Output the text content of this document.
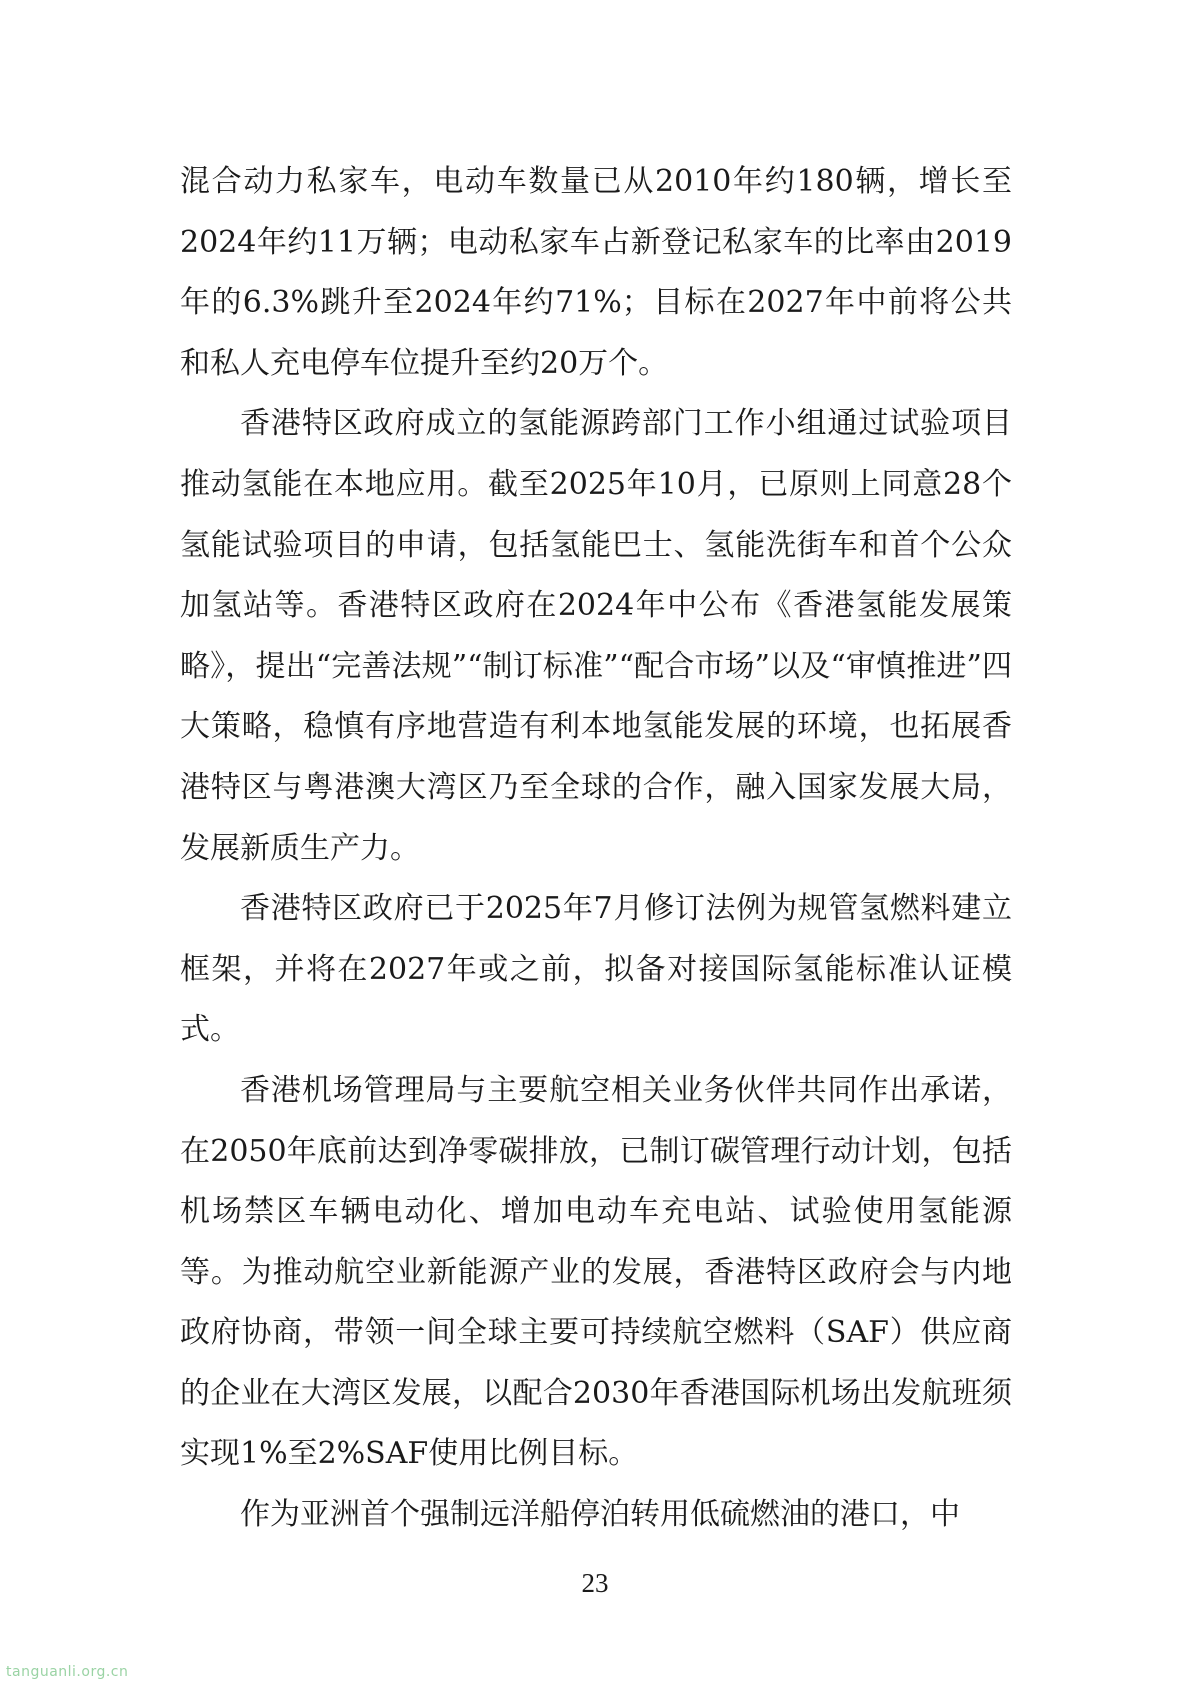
混合动力私家车，电动车数量已从2010年约180辆，增长至2024年约11万辆；电动私家车占新登记私家车的比率由2019年的6.3%跳升至2024年约71%；目标在2027年中前将公共和私人充电停车位提升至约20万个。

香港特区政府成立的氢能源跨部门工作小组通过试验项目推动氢能在本地应用。截至2025年10月，已原则上同意28个氢能试验项目的申请，包括氢能巴士、氢能洗街车和首个公众加氢站等。香港特区政府在2024年中公布《香港氢能发展策略》，提出“完善法规”“制订标准”“配合市场”以及“审慎推进”四大策略，稳慎有序地营造有利本地氢能发展的环境，也拓展香港特区与粤港澳大湾区乃至全球的合作，融入国家发展大局，发展新质生产力。

香港特区政府已于2025年7月修订法例为规管氢燃料建立框架，并将在2027年或之前，拟备对接国际氢能标准认证模式。

香港机场管理局与主要航空相关业务伙伴共同作出承诺，在2050年底前达到净零碳排放，已制订碳管理行动计划，包括机场禁区车辆电动化、增加电动车充电站、试验使用氢能源等。为推动航空业新能源产业的发展，香港特区政府会与内地政府协商，带领一间全球主要可持续航空燃料（SAF）供应商的企业在大湾区发展，以配合2030年香港国际机场出发航班须实现1%至2%SAF使用比例目标。

作为亚洲首个强制远洋船停泊转用低硫燃油的港口，中

23
tanguanli.org.cn
